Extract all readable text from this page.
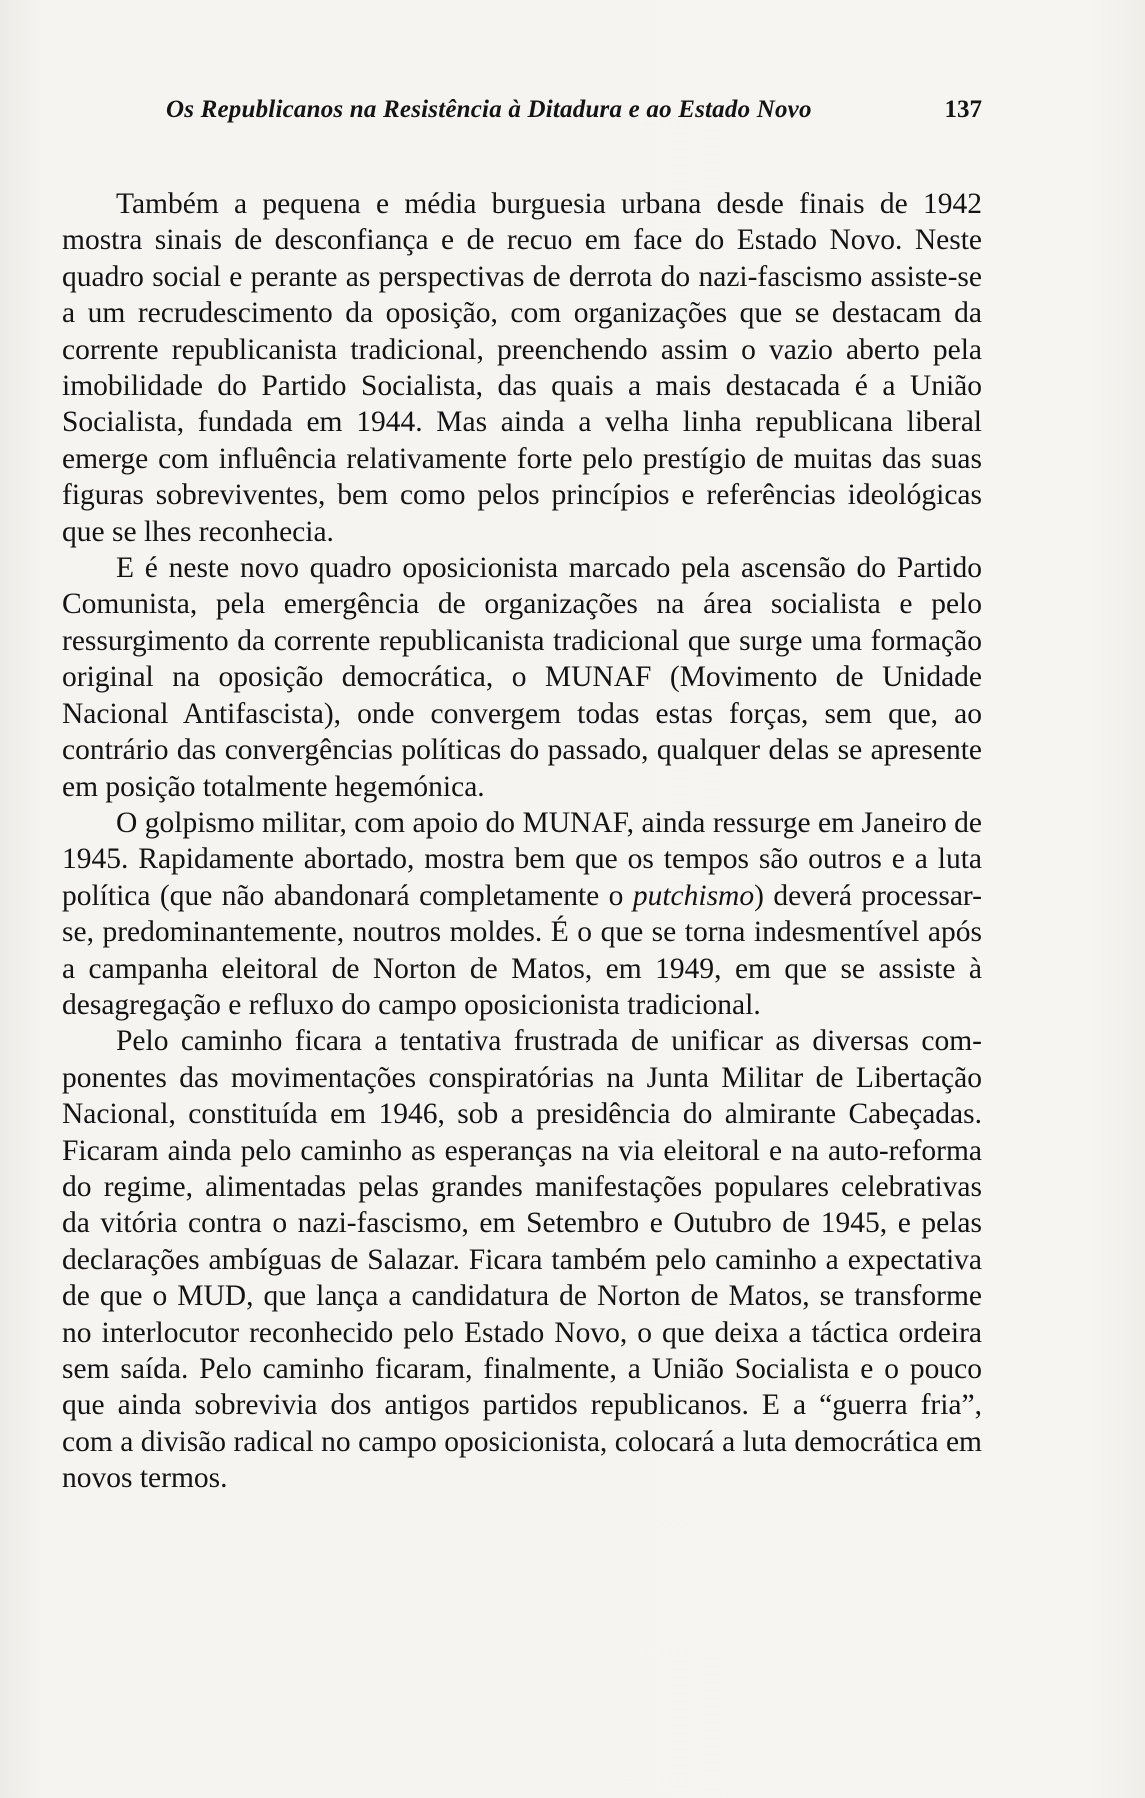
Os Republicanos na Resistência à Ditadura e ao Estado Novo	137

Também a pequena e média burguesia urbana desde finais de 1942 mostra sinais de desconfiança e de recuo em face do Estado Novo. Neste quadro social e perante as perspectivas de derrota do nazi-fascismo assiste-se a um recrudescimento da oposição, com organizações que se destacam da corrente republicanista tradicional, preenchendo assim o vazio aberto pela imobilidade do Partido Socialista, das quais a mais destacada é a União Socialista, fundada em 1944. Mas ainda a velha linha republicana liberal emerge com influência relativamente forte pelo prestígio de muitas das suas figuras sobreviventes, bem como pelos princípios e referências ideológicas que se lhes reconhecia.

E é neste novo quadro oposicionista marcado pela ascensão do Partido Comunista, pela emergência de organizações na área socialista e pelo ressurgimento da corrente republicanista tradicional que surge uma formação original na oposição democrática, o MUNAF (Movimento de Unidade Nacional Antifascista), onde convergem todas estas forças, sem que, ao contrário das convergências políticas do passado, qualquer delas se apresente em posição totalmente hegemónica.

O golpismo militar, com apoio do MUNAF, ainda ressurge em Janeiro de 1945. Rapidamente abortado, mostra bem que os tempos são outros e a luta política (que não abandonará completamente o putchismo) deverá processar-se, predominantemente, noutros moldes. É o que se torna indesmentível após a campanha eleitoral de Norton de Matos, em 1949, em que se assiste à desagregação e refluxo do campo oposicionista tradicional.

Pelo caminho ficara a tentativa frustrada de unificar as diversas componentes das movimentações conspiratórias na Junta Militar de Libertação Nacional, constituída em 1946, sob a presidência do almirante Cabeçadas. Ficaram ainda pelo caminho as esperanças na via eleitoral e na auto-reforma do regime, alimentadas pelas grandes manifestações populares celebrativas da vitória contra o nazi-fascismo, em Setembro e Outubro de 1945, e pelas declarações ambíguas de Salazar. Ficara também pelo caminho a expectativa de que o MUD, que lança a candidatura de Norton de Matos, se transforme no interlocutor reconhecido pelo Estado Novo, o que deixa a táctica ordeira sem saída. Pelo caminho ficaram, finalmente, a União Socialista e o pouco que ainda sobrevivia dos antigos partidos republicanos. E a “guerra fria”, com a divisão radical no campo oposicionista, colocará a luta democrática em novos termos.
